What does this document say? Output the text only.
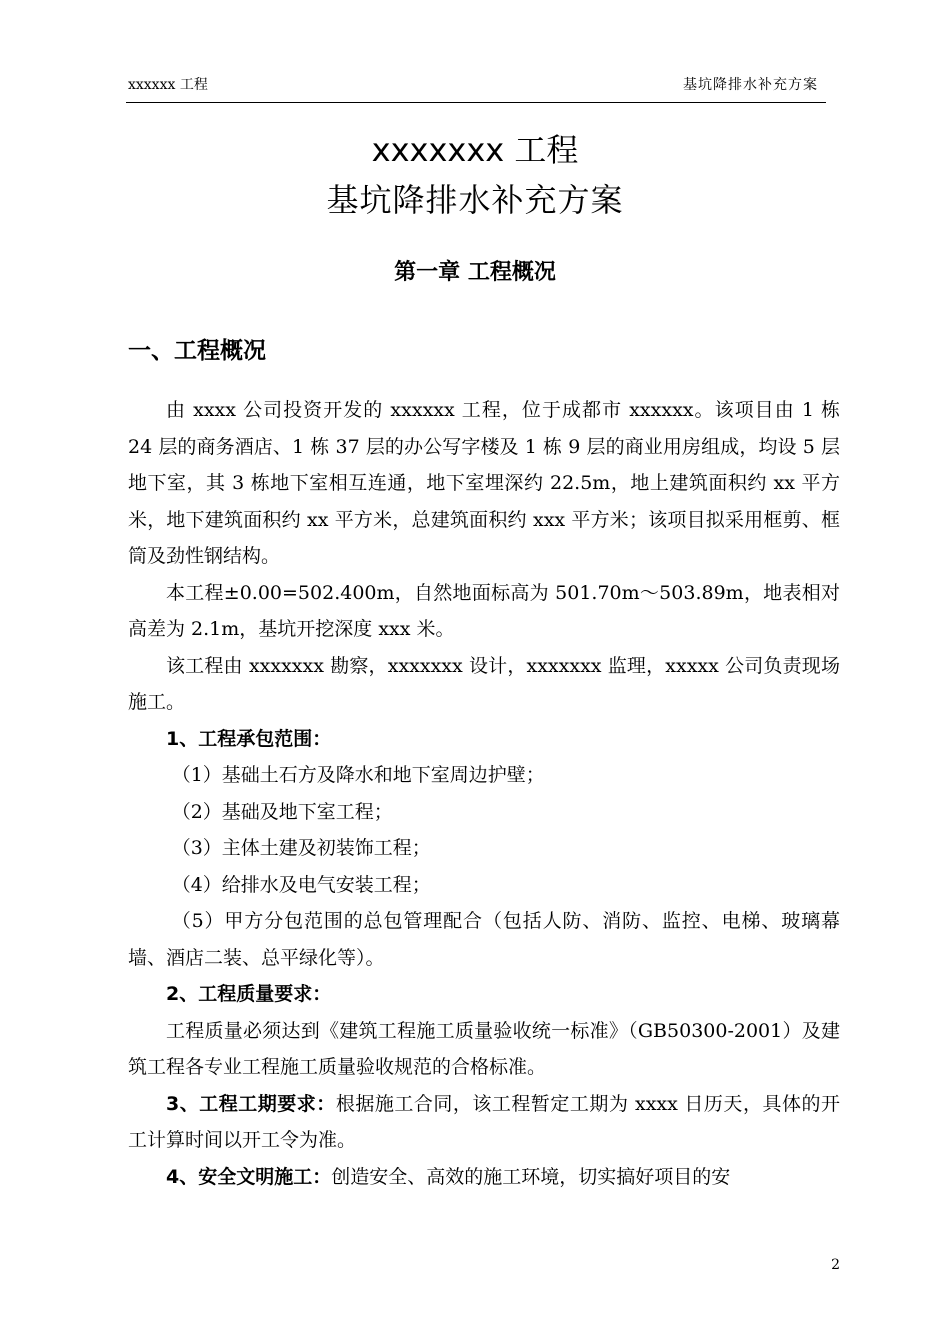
xxxxxx 工程	基坑降排水补充方案
xxxxxxx 工程
基坑降排水补充方案
第一章 工程概况
一、工程概况

由 xxxx 公司投资开发的 xxxxxx 工程，位于成都市 xxxxxx。该项目由 1 栋 24 层的商务酒店、1 栋 37 层的办公写字楼及 1 栋 9 层的商业用房组成，均设 5 层地下室，其 3 栋地下室相互连通，地下室埋深约 22.5m，地上建筑面积约 xx 平方米，地下建筑面积约 xx 平方米，总建筑面积约 xxx 平方米；该项目拟采用框剪、框筒及劲性钢结构。

本工程±0.00=502.400m，自然地面标高为 501.70m～503.89m，地表相对高差为 2.1m，基坑开挖深度 xxx 米。

该工程由 xxxxxxx 勘察，xxxxxxx 设计，xxxxxxx 监理，xxxxx 公司负责现场施工。

1、工程承包范围：

（1）基础土石方及降水和地下室周边护壁；

（2）基础及地下室工程；

（3）主体土建及初装饰工程；

（4）给排水及电气安装工程；

（5）甲方分包范围的总包管理配合（包括人防、消防、监控、电梯、玻璃幕墙、酒店二装、总平绿化等）。

2、工程质量要求：

工程质量必须达到《建筑工程施工质量验收统一标准》（GB50300-2001）及建筑工程各专业工程施工质量验收规范的合格标准。

3、工程工期要求：根据施工合同，该工程暂定工期为 xxxx 日历天，具体的开工计算时间以开工令为准。

4、安全文明施工：创造安全、高效的施工环境，切实搞好项目的安

2
